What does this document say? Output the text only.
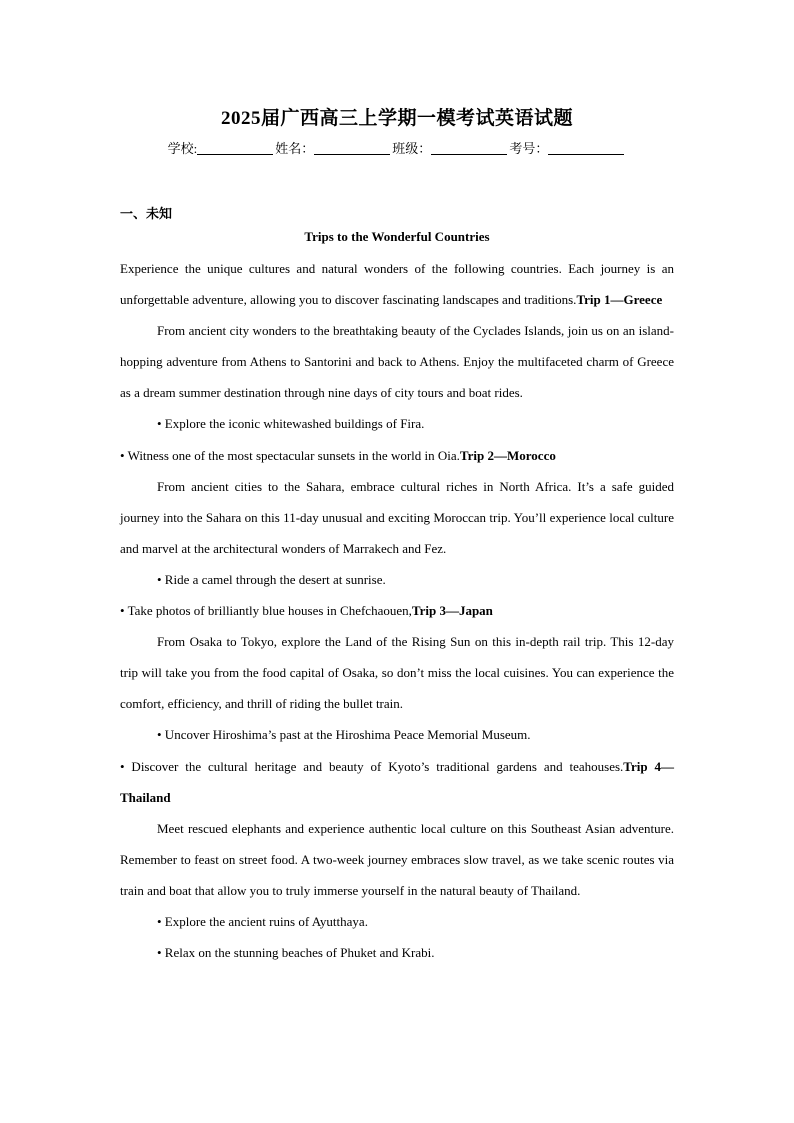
2025届广西高三上学期一模考试英语试题
学校:	姓名：	班级：	考号：
一、未知
Trips to the Wonderful Countries

Experience the unique cultures and natural wonders of the following countries. Each journey is an unforgettable adventure, allowing you to discover fascinating landscapes and traditions.Trip 1—Greece

From ancient city wonders to the breathtaking beauty of the Cyclades Islands, join us on an island-hopping adventure from Athens to Santorini and back to Athens. Enjoy the multifaceted charm of Greece as a dream summer destination through nine days of city tours and boat rides.

• Explore the iconic whitewashed buildings of Fira.

• Witness one of the most spectacular sunsets in the world in Oia.Trip 2—Morocco

From ancient cities to the Sahara, embrace cultural riches in North Africa. It’s a safe guided journey into the Sahara on this 11-day unusual and exciting Moroccan trip. You’ll experience local culture and marvel at the architectural wonders of Marrakech and Fez.

• Ride a camel through the desert at sunrise.

• Take photos of brilliantly blue houses in Chefchaouen,Trip 3—Japan

From Osaka to Tokyo, explore the Land of the Rising Sun on this in-depth rail trip. This 12-day trip will take you from the food capital of Osaka, so don’t miss the local cuisines. You can experience the comfort, efficiency, and thrill of riding the bullet train.

• Uncover Hiroshima’s past at the Hiroshima Peace Memorial Museum.

• Discover the cultural heritage and beauty of Kyoto’s traditional gardens and teahouses.Trip 4—Thailand

Meet rescued elephants and experience authentic local culture on this Southeast Asian adventure. Remember to feast on street food. A two-week journey embraces slow travel, as we take scenic routes via train and boat that allow you to truly immerse yourself in the natural beauty of Thailand.

• Explore the ancient ruins of Ayutthaya.

• Relax on the stunning beaches of Phuket and Krabi.
